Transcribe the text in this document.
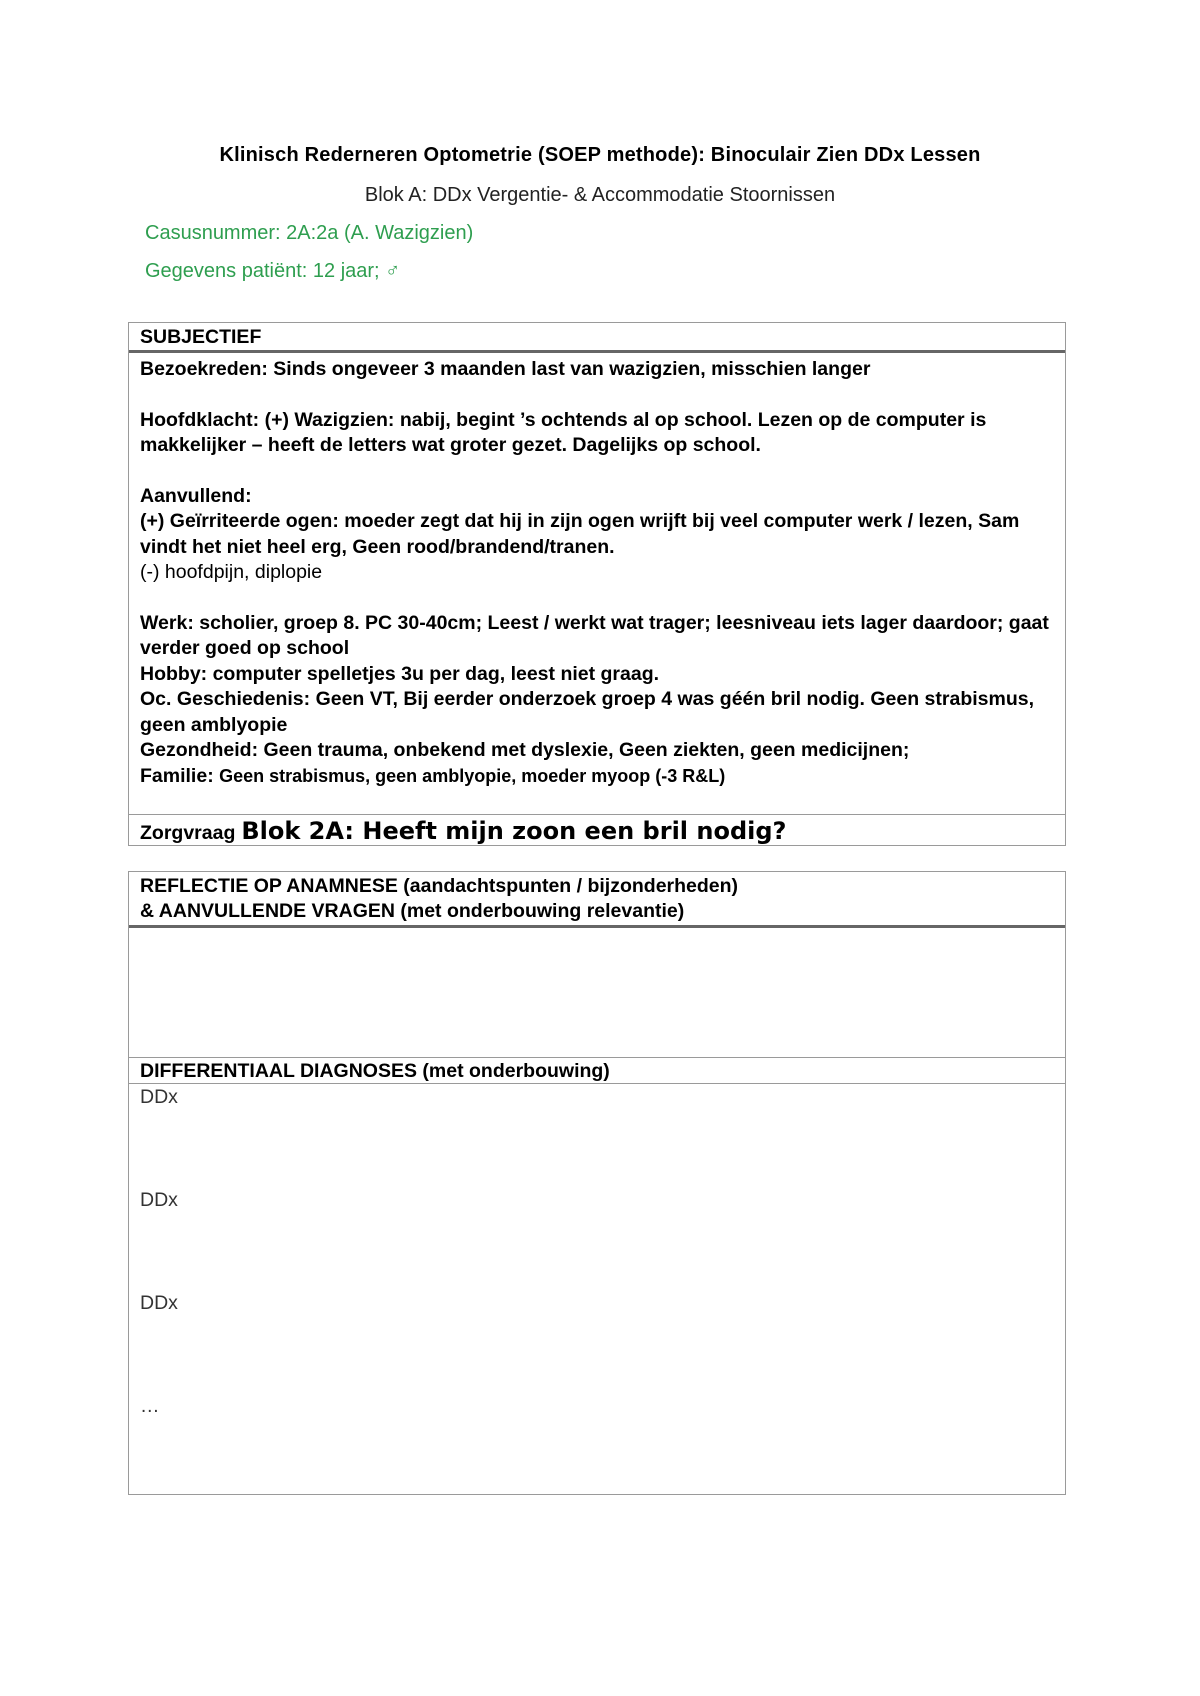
Klinisch Rederneren Optometrie (SOEP methode): Binoculair Zien DDx Lessen
Blok A: DDx Vergentie- & Accommodatie Stoornissen
Casusnummer: 2A:2a (A. Wazigzien)
Gegevens patiënt: 12 jaar; ♂
SUBJECTIEF
Bezoekreden: Sinds ongeveer 3 maanden last van wazigzien, misschien langer
Hoofdklacht: (+) Wazigzien: nabij, begint ’s ochtends al op school. Lezen op de computer is makkelijker – heeft de letters wat groter gezet. Dagelijks op school.
Aanvullend:
(+) Geïrriteerde ogen: moeder zegt dat hij in zijn ogen wrijft bij veel computer werk / lezen, Sam vindt het niet heel erg, Geen rood/brandend/tranen.
(-) hoofdpijn, diplopie
Werk: scholier, groep 8. PC 30-40cm; Leest / werkt wat trager; leesniveau iets lager daardoor; gaat verder goed op school
Hobby: computer spelletjes 3u per dag, leest niet graag.
Oc. Geschiedenis: Geen VT, Bij eerder onderzoek groep 4 was géén bril nodig. Geen strabismus, geen amblyopie
Gezondheid: Geen trauma, onbekend met dyslexie, Geen ziekten, geen medicijnen;
Familie: Geen strabismus, geen amblyopie, moeder myoop (-3 R&L)
Zorgvraag Blok 2A: Heeft mijn zoon een bril nodig?
REFLECTIE OP ANAMNESE (aandachtspunten / bijzonderheden)
& AANVULLENDE VRAGEN (met onderbouwing relevantie)
DIFFERENTIAAL DIAGNOSES (met onderbouwing)
DDx
DDx
DDx
…
